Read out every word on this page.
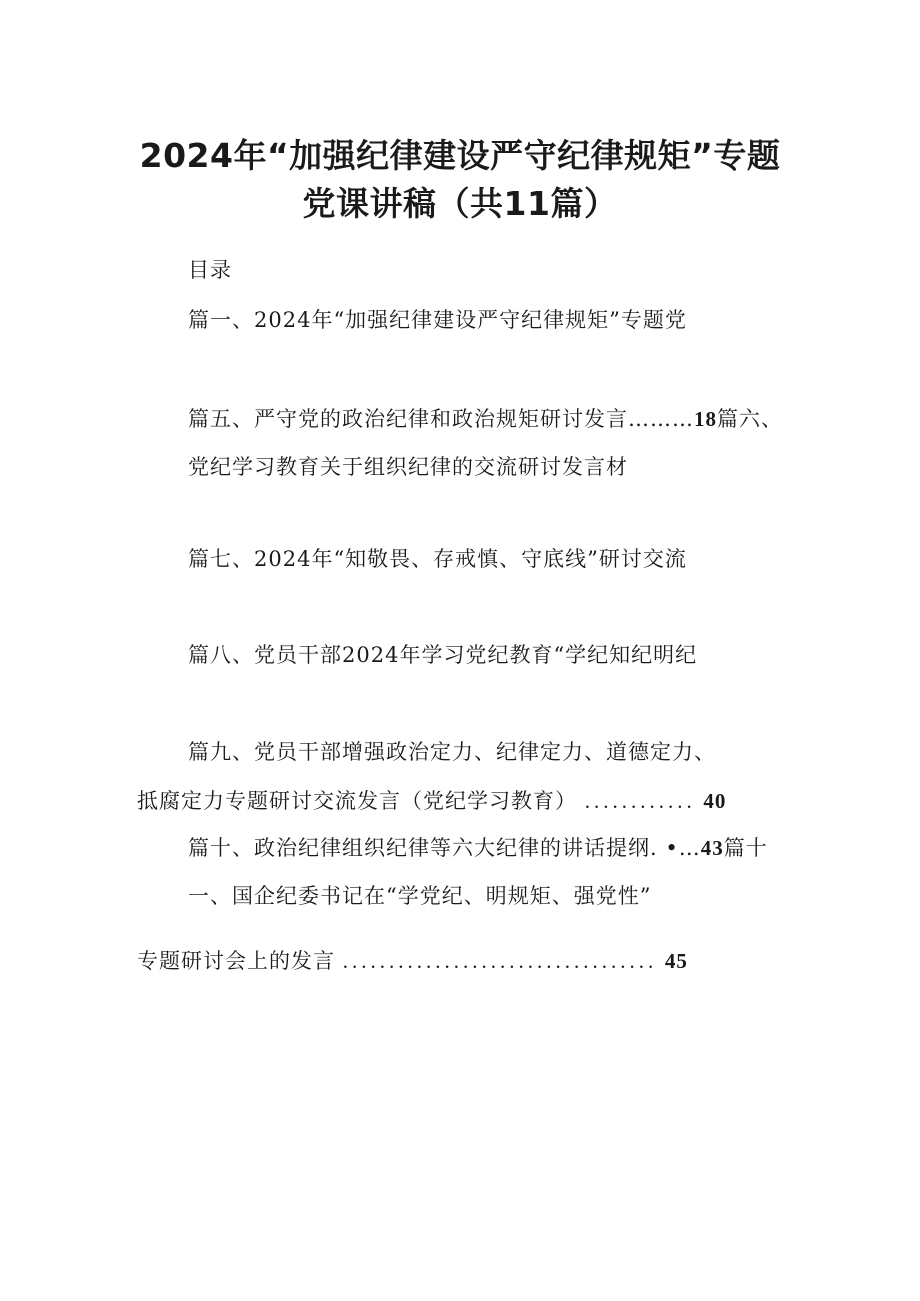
2024年“加强纪律建设严守纪律规矩”专题
党课讲稿（共11篇）
目录
篇一、2024年“加强纪律建设严守纪律规矩”专题党
篇五、严守党的政治纪律和政治规矩研讨发言………18篇六、
党纪学习教育关于组织纪律的交流研讨发言材
篇七、2024年“知敬畏、存戒慎、守底线”研讨交流
篇八、党员干部2024年学习党纪教育“学纪知纪明纪
篇九、党员干部增强政治定力、纪律定力、道德定力、
抵腐定力专题研讨交流发言（党纪学习教育） ............ 40
篇十、政治纪律组织纪律等六大纪律的讲话提纲. •…43篇十
一、国企纪委书记在“学党纪、明规矩、强党性”
专题研讨会上的发言 .................................. 45
